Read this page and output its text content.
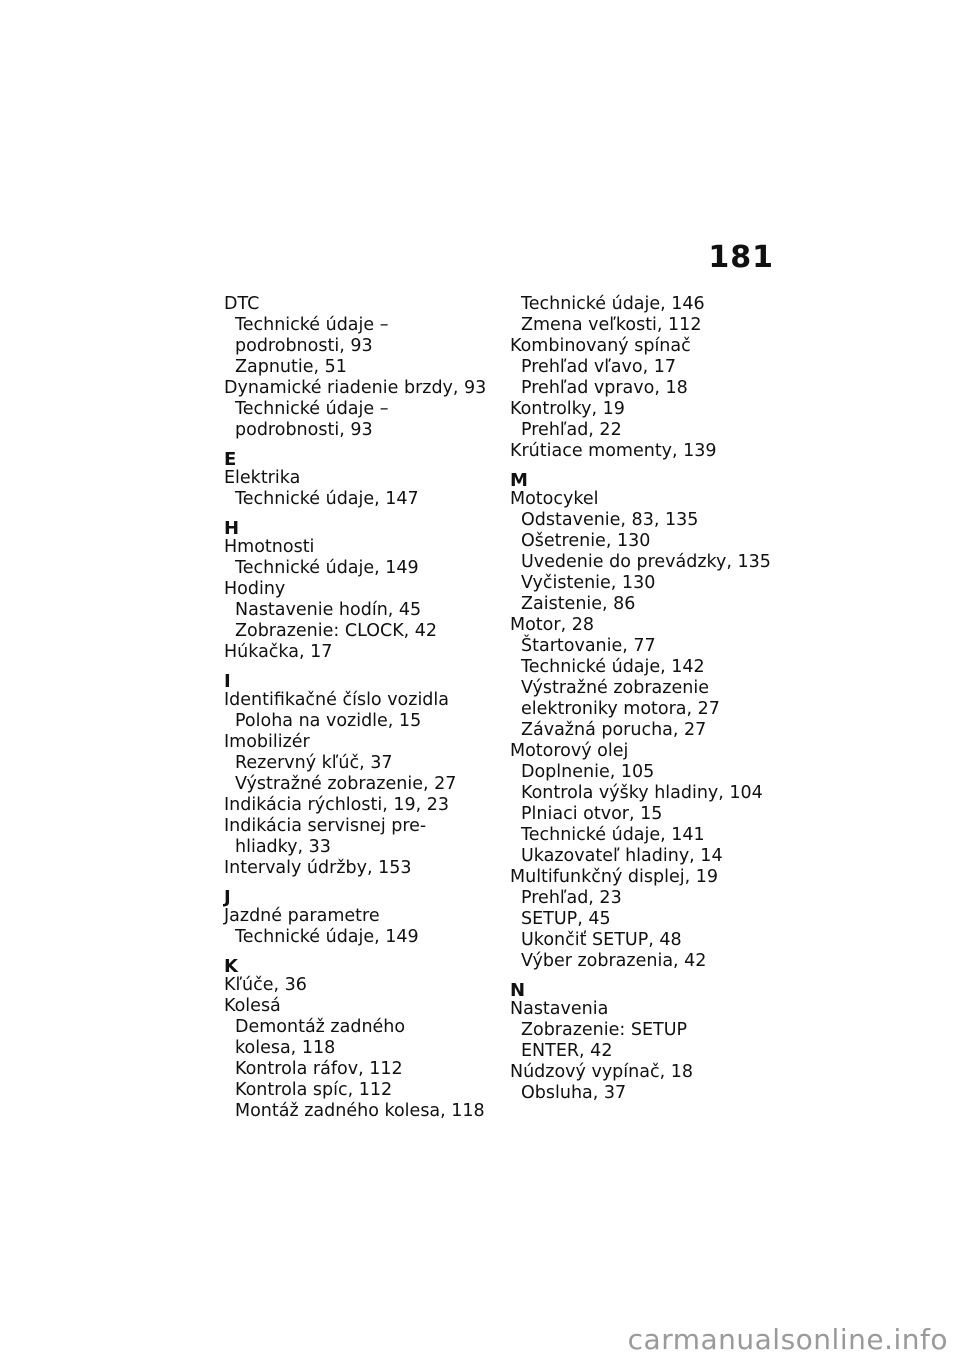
181
DTC
Technické údaje –
podrobnosti, 93
Zapnutie, 51
Dynamické riadenie brzdy, 93
Technické údaje –
podrobnosti, 93
E
Elektrika
Technické údaje, 147
H
Hmotnosti
Technické údaje, 149
Hodiny
Nastavenie hodín, 45
Zobrazenie: CLOCK, 42
Húkačka, 17
I
Identifikačné číslo vozidla
Poloha na vozidle, 15
Imobilizér
Rezervný kľúč, 37
Výstražné zobrazenie, 27
Indikácia rýchlosti, 19, 23
Indikácia servisnej pre-
hliadky, 33
Intervaly údržby, 153
J
Jazdné parametre
Technické údaje, 149
K
Kľúče, 36
Kolesá
Demontáž zadného
kolesa, 118
Kontrola ráfov, 112
Kontrola spíc, 112
Montáž zadného kolesa, 118
Technické údaje, 146
Zmena veľkosti, 112
Kombinovaný spínač
Prehľad vľavo, 17
Prehľad vpravo, 18
Kontrolky, 19
Prehľad, 22
Krútiace momenty, 139
M
Motocykel
Odstavenie, 83, 135
Ošetrenie, 130
Uvedenie do prevádzky, 135
Vyčistenie, 130
Zaistenie, 86
Motor, 28
Štartovanie, 77
Technické údaje, 142
Výstražné zobrazenie
elektroniky motora, 27
Závažná porucha, 27
Motorový olej
Doplnenie, 105
Kontrola výšky hladiny, 104
Plniaci otvor, 15
Technické údaje, 141
Ukazovateľ hladiny, 14
Multifunkčný displej, 19
Prehľad, 23
SETUP, 45
Ukončiť SETUP, 48
Výber zobrazenia, 42
N
Nastavenia
Zobrazenie: SETUP
ENTER, 42
Núdzový vypínač, 18
Obsluha, 37
carmanualsonline.info
